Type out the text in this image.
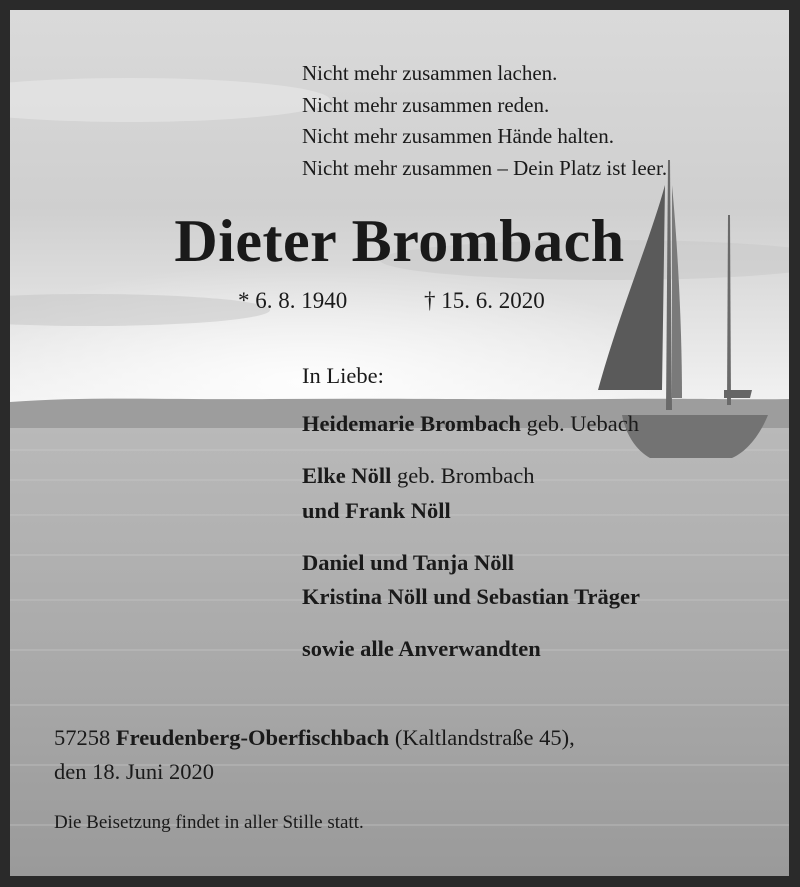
Nicht mehr zusammen lachen.
Nicht mehr zusammen reden.
Nicht mehr zusammen Hände halten.
Nicht mehr zusammen – Dein Platz ist leer.
Dieter Brombach
* 6. 8. 1940	† 15. 6. 2020
In Liebe:
Heidemarie Brombach geb. Uebach
Elke Nöll geb. Brombach
und Frank Nöll
Daniel und Tanja Nöll
Kristina Nöll und Sebastian Träger
sowie alle Anverwandten
57258 Freudenberg-Oberfischbach (Kaltlandstraße 45),
den 18. Juni 2020
Die Beisetzung findet in aller Stille statt.
